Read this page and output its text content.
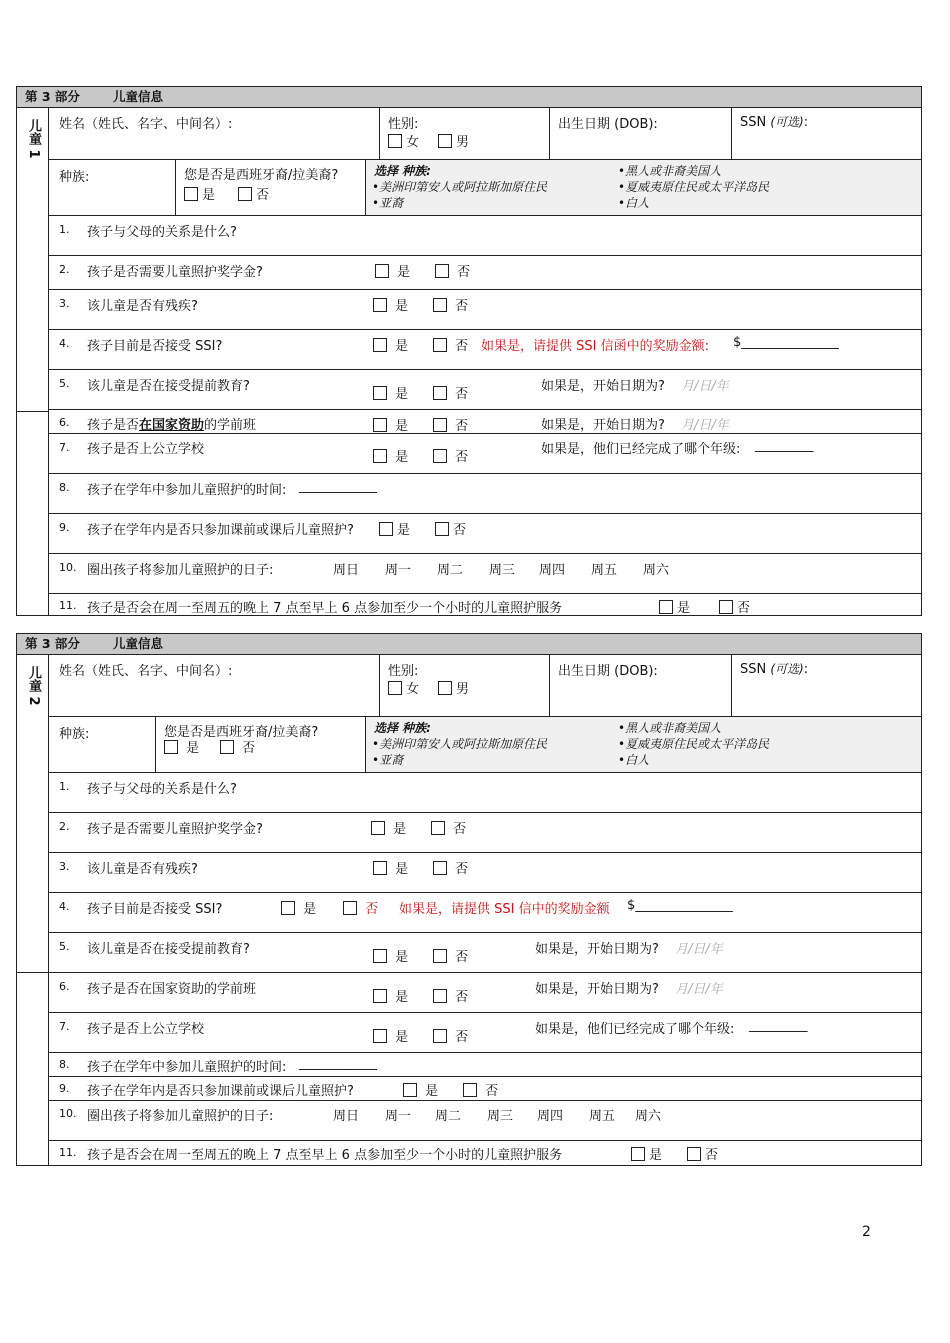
第 3 部分	儿童信息
儿童 1 姓名（姓氏、名字、中间名）:	性别:
女	男
出生日期 (DOB):	SSN (可选):
种族:	您是否是西班牙裔/拉美裔?
是	否
选择 种族:
•美洲印第安人或阿拉斯加原住民
•亚裔
•黑人或非裔美国人
•夏威夷原住民或太平洋岛民
•白人
1. 孩子与父母的关系是什么?
2. 孩子是否需要儿童照护奖学金?	是	否
3. 该儿童是否有残疾?	是	否
4. 孩子目前是否接受 SSI?	是	否 如果是，请提供 SSI 信函中的奖励金额: $_______________
5. 该儿童是否在接受提前教育?
是	否
如果是，开始日期为? 月/日/年
6. 孩子是否在国家资助的学前班	是	否	如果是，开始日期为? 月/日/年
7. 孩子是否上公立学校
是	否
如果是，他们已经完成了哪个年级: _________
8. 孩子在学年中参加儿童照护的时间: ____________
9. 孩子在学年内是否只参加课前或课后儿童照护?	是	否
10. 圈出孩子将参加儿童照护的日子:	周日 周一 周二 周三 周四 周五 周六
11. 孩子是否会在周一至周五的晚上 7 点至早上 6 点参加至少一个小时的儿童照护服务	是	否
第 3 部分	儿童信息
儿童 2 姓名（姓氏、名字、中间名）:	性别:
女	男
出生日期 (DOB):	SSN (可选):
种族:	您是否是西班牙裔/拉美裔?
是	否
选择 种族:
•美洲印第安人或阿拉斯加原住民
•亚裔
•黑人或非裔美国人
•夏威夷原住民或太平洋岛民
•白人
1. 孩子与父母的关系是什么?
2. 孩子是否需要儿童照护奖学金?	是	否
3. 该儿童是否有残疾?	是	否
4. 孩子目前是否接受 SSI?	是	否 如果是，请提供 SSI 信中的奖励金额 $_______________
5. 该儿童是否在接受提前教育?
是	否
如果是，开始日期为? 月/日/年
6. 孩子是否在国家资助的学前班
是	否
如果是，开始日期为? 月/日/年
7. 孩子是否上公立学校
是	否
如果是，他们已经完成了哪个年级: _________
8. 孩子在学年中参加儿童照护的时间: ____________
9. 孩子在学年内是否只参加课前或课后儿童照护?	是	否
10. 圈出孩子将参加儿童照护的日子:	周日 周一 周二 周三 周四 周五 周六
11. 孩子是否会在周一至周五的晚上 7 点至早上 6 点参加至少一个小时的儿童照护服务	是	否
2
